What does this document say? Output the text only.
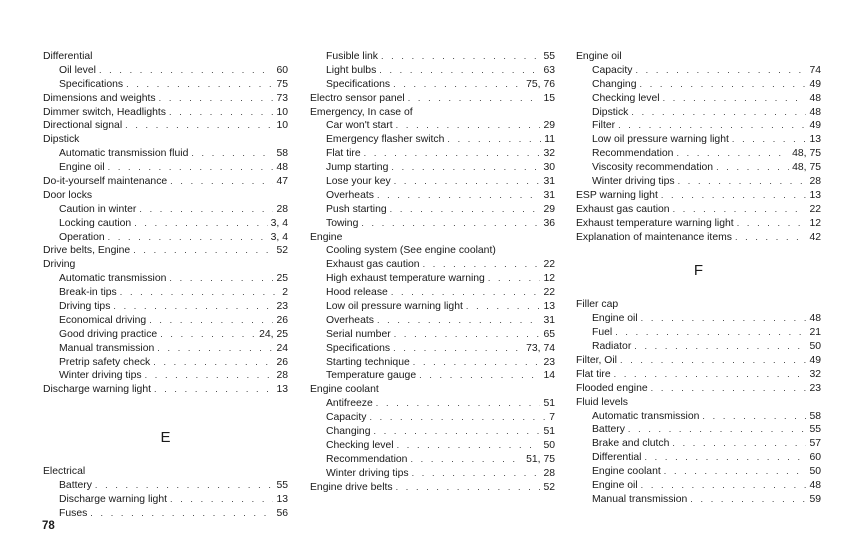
Differential
Oil level . . .	60
Specifications . . .	75
Dimensions and weights . . .	73
Dimmer switch, Headlights . . .	10
Directional signal . . .	10
Dipstick
Automatic transmission fluid . . .	58
Engine oil . . .	48
Do-it-yourself maintenance . . .	47
Door locks
Caution in winter . . .	28
Locking caution . . .	3, 4
Operation . . .	3, 4
Drive belts, Engine . . .	52
Driving
Automatic transmission . . .	25
Break-in tips . . .	2
Driving tips . . .	23
Economical driving . . .	26
Good driving practice . . .	24, 25
Manual transmission . . .	24
Pretrip safety check . . .	26
Winter driving tips . . .	28
Discharge warning light . . .	13
E
Electrical
Battery . . .	55
Discharge warning light . . .	13
Fuses . . .	56
Fusible link . . .	55
Light bulbs . . .	63
Specifications . . .	75, 76
Electro sensor panel . . .	15
Emergency, In case of
Car won't start . . .	29
Emergency flasher switch . . .	11
Flat tire . . .	32
Jump starting . . .	30
Lose your key . . .	31
Overheats . . .	31
Push starting . . .	29
Towing . . .	36
Engine
Cooling system (See engine coolant)
Exhaust gas caution . . .	22
High exhaust temperature warning . . .	12
Hood release . . .	22
Low oil pressure warning light . . .	13
Overheats . . .	31
Serial number . . .	65
Specifications . . .	73, 74
Starting technique . . .	23
Temperature gauge . . .	14
Engine coolant
Antifreeze . . .	51
Capacity . . .	7
Changing . . .	51
Checking level . . .	50
Recommendation . . .	51, 75
Winter driving tips . . .	28
Engine drive belts . . .	52
Engine oil
Capacity . . .	74
Changing . . .	49
Checking level . . .	48
Dipstick . . .	48
Filter . . .	49
Low oil pressure warning light . . .	13
Recommendation . . .	48, 75
Viscosity recommendation . . .	48, 75
Winter driving tips . . .	28
ESP warning light . . .	13
Exhaust gas caution . . .	22
Exhaust temperature warning light . . .	12
Explanation of maintenance items . . .	42
F
Filler cap
Engine oil . . .	48
Fuel . . .	21
Radiator . . .	50
Filter, Oil . . .	49
Flat tire . . .	32
Flooded engine . . .	23
Fluid levels
Automatic transmission . . .	58
Battery . . .	55
Brake and clutch . . .	57
Differential . . .	60
Engine coolant . . .	50
Engine oil . . .	48
Manual transmission . . .	59
78
